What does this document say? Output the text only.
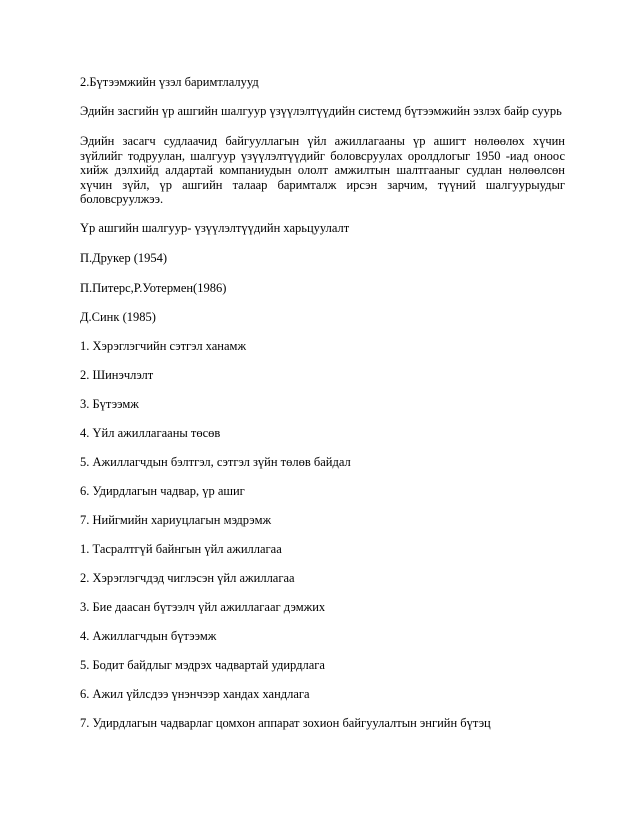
2.Бүтээмжийн үзэл баримтлалууд

Эдийн засгийн үр ашгийн шалгуур үзүүлэлтүүдийн системд бүтээмжийн эзлэх байр суурь

Эдийн засагч судлаачид байгууллагын үйл ажиллагааны үр ашигт нөлөөлөх хүчин зүйлийг тодруулан, шалгуур үзүүлэлтүүдийг боловсруулах оролдлогыг 1950 -иад оноос хийж дэлхийд алдартай компаниудын ололт амжилтын шалтгааныг судлан нөлөөлсөн хүчин зүйл, үр ашгийн талаар баримталж ирсэн зарчим, түүний шалгуурыудыг боловсруулжээ.

Үр ашгийн шалгуур- үзүүлэлтүүдийн харьцуулалт

П.Друкер (1954)

П.Питерс,Р.Уотермен(1986)

Д.Синк (1985)

1. Хэрэглэгчийн сэтгэл ханамж

2. Шинэчлэлт

3. Бүтээмж

4. Үйл ажиллагааны төсөв

5. Ажиллагчдын бэлтгэл, сэтгэл зүйн төлөв байдал

6. Удирдлагын чадвар, үр ашиг

7. Нийгмийн хариуцлагын мэдрэмж

1. Тасралтгүй байнгын үйл ажиллагаа

2. Хэрэглэгчдэд чиглэсэн үйл ажиллагаа

3. Бие даасан бүтээлч үйл ажиллагааг дэмжих

4. Ажиллагчдын бүтээмж

5. Бодит байдлыг мэдрэх чадвартай удирдлага

6. Ажил үйлсдээ үнэнчээр хандах хандлага

7. Удирдлагын чадварлаг цомхон аппарат зохион байгуулалтын энгийн бүтэц
